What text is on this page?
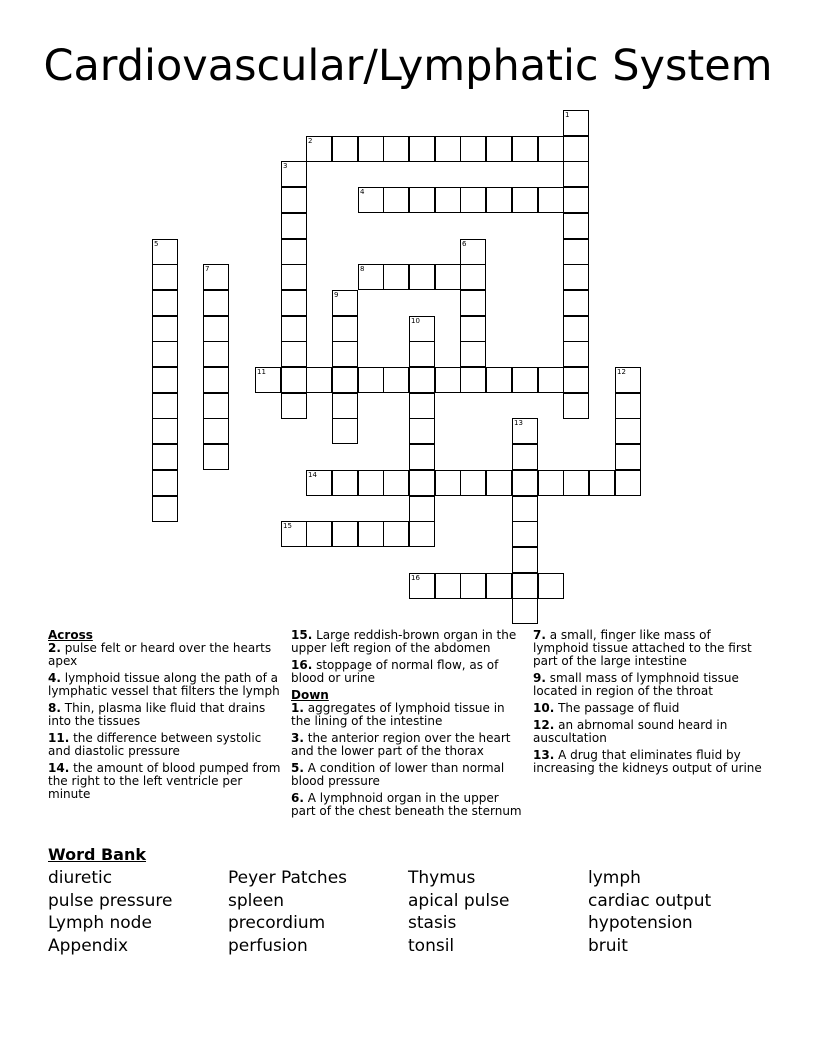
Cardiovascular/Lymphatic System
1
2
3
4
5	6
7	8
9
10
11	12
13
14
15
16

Across

2. pulse felt or heard over the hearts apex

4. lymphoid tissue along the path of a lymphatic vessel that filters the lymph

8. Thin, plasma like fluid that drains into the tissues

11. the difference between systolic and diastolic pressure

14. the amount of blood pumped from the right to the left ventricle per minute

15. Large reddish-brown organ in the upper left region of the abdomen

16. stoppage of normal flow, as of blood or urine

Down

1. aggregates of lymphoid tissue in the lining of the intestine

3. the anterior region over the heart and the lower part of the thorax

5. A condition of lower than normal blood pressure

6. A lymphnoid organ in the upper part of the chest beneath the sternum

7. a small, finger like mass of lymphoid tissue attached to the first part of the large intestine

9. small mass of lymphnoid tissue located in region of the throat

10. The passage of fluid

12. an abrnomal sound heard in auscultation

13. A drug that eliminates fluid by increasing the kidneys output of urine

Word Bank
diuretic	Peyer Patches	Thymus	lymph
pulse pressure	spleen	apical pulse	cardiac output
Lymph node	precordium	stasis	hypotension
Appendix	perfusion	tonsil	bruit
